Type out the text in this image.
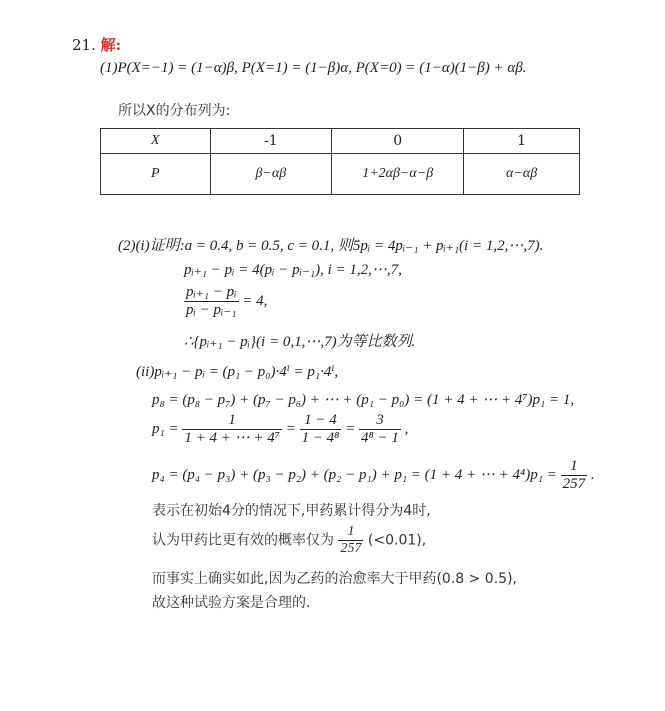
21. 解:
(1)P(X=−1) = (1−α)β, P(X=1) = (1−β)α, P(X=0) = (1−α)(1−β) + αβ.
所以X的分布列为:
X	-1	0	1
P	β−αβ	1+2αβ−α−β	α−αβ
(2)(i)证明:a = 0.4, b = 0.5, c = 0.1, 则5pᵢ = 4pᵢ₋₁ + pᵢ₊₁(i = 1,2,⋯,7).
pᵢ₊₁ − pᵢ = 4(pᵢ − pᵢ₋₁), i = 1,2,⋯,7,
$\frac{\text{pᵢ₊₁ − pᵢ}}{\text{pᵢ − pᵢ₋₁}} = 4$,
∴{pᵢ₊₁ − pᵢ}(i = 0,1,⋯,7)为等比数列.
(ii)pᵢ₊₁ − pᵢ = (p₁ − p₀)·4ⁱ = p₁·4ⁱ,
p₈ = (p₈ − p₇) + (p₇ − p₆) + ⋯ + (p₁ − p₀) = (1 + 4 + ⋯ + 4⁷)p₁ = 1,
$p_1 = \frac{1}{\text{1 + 4 + ⋯ + 4⁷}} = \frac{1 - 4}{\text{1 − 4⁸}} = \frac{3}{\text{4⁸ − 1}}$ ,
p₄ = (p₄ − p₃) + (p₃ − p₂) + (p₂ − p₁) + p₁ = (1 + 4 + ⋯ + $4^4)p_1 = \frac{1}{257}$ .
表示在初始4分的情况下,甲药累计得分为4时,
认为甲药比更有效的概率仅为 $\frac{1}{257} (<0.01)$,
而事实上确实如此,因为乙药的治愈率大于甲药(0.8 > 0.5),
故这种试验方案是合理的.
